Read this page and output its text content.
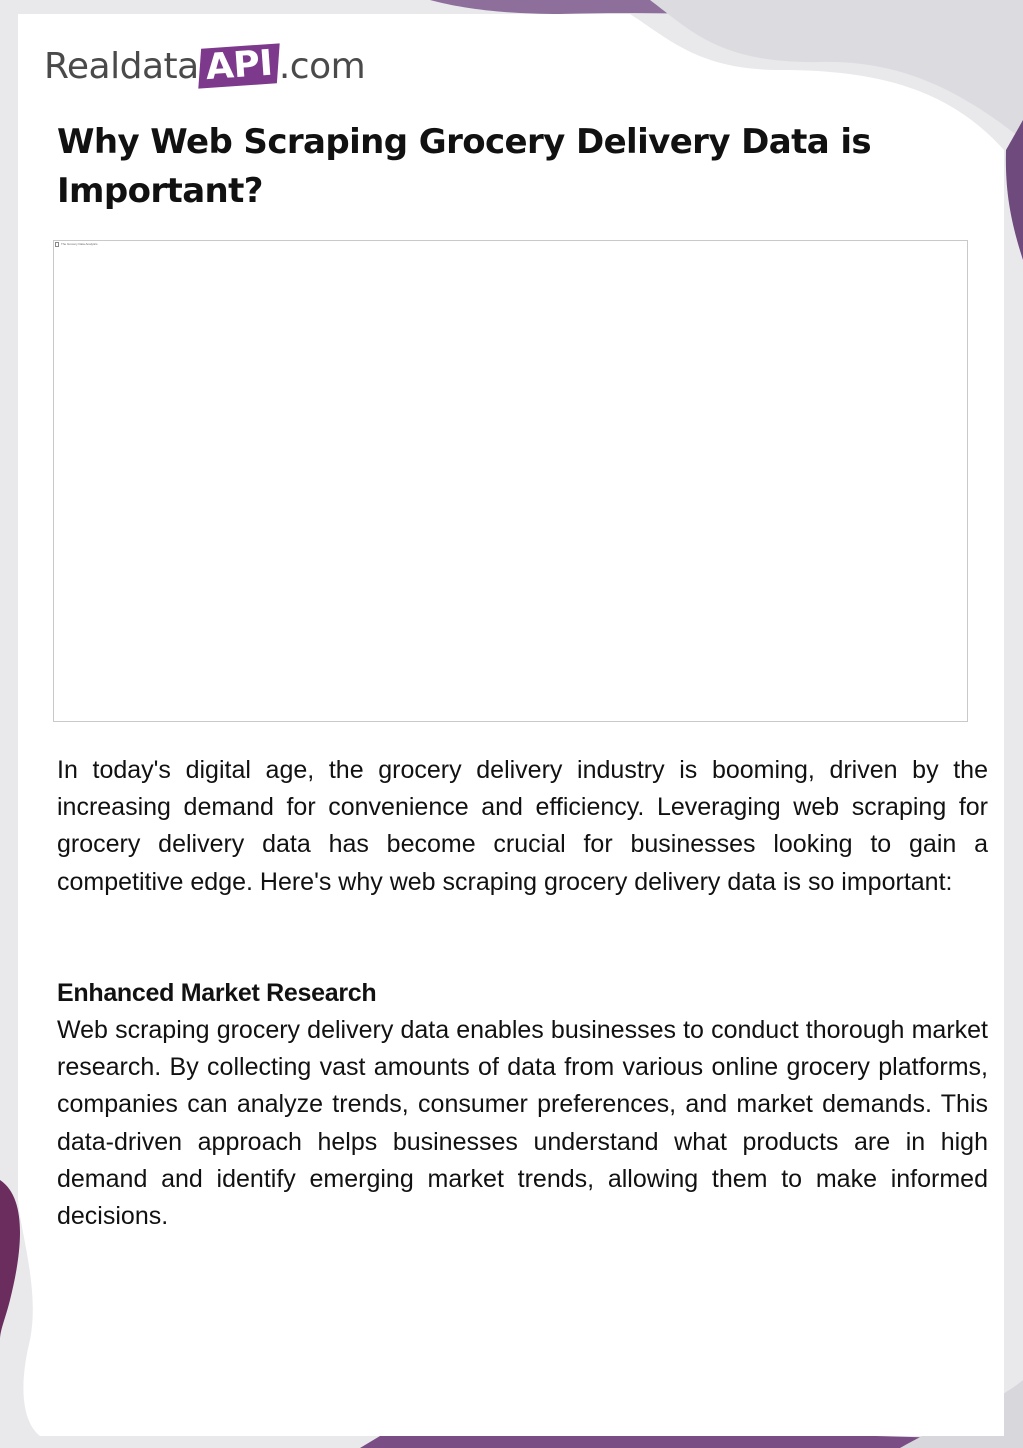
Realdata API .com
Why Web Scraping Grocery Delivery Data is Important?
The Grocery Data Analytics

In today's digital age, the grocery delivery industry is booming, driven by the increasing demand for convenience and efficiency. Leveraging web scraping for grocery delivery data has become crucial for businesses looking to gain a competitive edge. Here's why web scraping grocery delivery data is so important:

Enhanced Market Research

Web scraping grocery delivery data enables businesses to conduct thorough market research. By collecting vast amounts of data from various online grocery platforms, companies can analyze trends, consumer preferences, and market demands. This data-driven approach helps businesses understand what products are in high demand and identify emerging market trends, allowing them to make informed decisions.
